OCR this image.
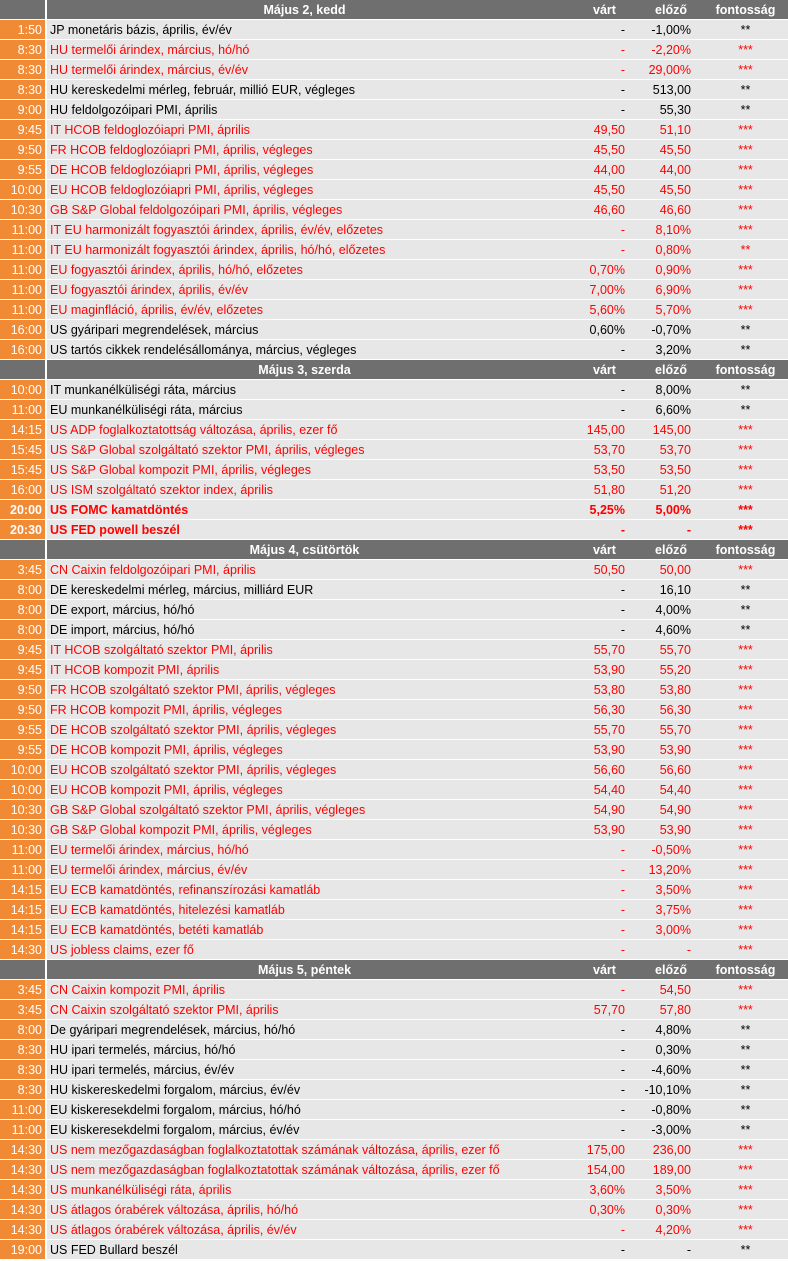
Május 2, kedd	várt	előző	fontosság
1:50 JP monetáris bázis, április, év/év	-	-1,00%	**
8:30 HU termelői árindex, március, hó/hó	-	-2,20%	***
8:30 HU termelői árindex, március, év/év	-	29,00%	***
8:30 HU kereskedelmi mérleg, február, millió EUR, végleges	-	513,00	**
9:00 HU feldolgozóipari PMI, április	-	55,30	**
9:45 IT HCOB feldoglozóiapri PMI, április	49,50	51,10	***
9:50 FR HCOB feldoglozóiapri PMI, április, végleges	45,50	45,50	***
9:55 DE HCOB feldoglozóiapri PMI, április, végleges	44,00	44,00	***
10:00 EU HCOB feldoglozóiapri PMI, április, végleges	45,50	45,50	***
10:30 GB S&P Global feldolgozóipari PMI, április, végleges	46,60	46,60	***
11:00 IT EU harmonizált fogyasztói árindex, április, év/év, előzetes	-	8,10%	***
11:00 IT EU harmonizált fogyasztói árindex, április, hó/hó, előzetes	-	0,80%	**
11:00 EU fogyasztói árindex, április, hó/hó, előzetes	0,70%	0,90%	***
11:00 EU fogyasztói árindex, április, év/év	7,00%	6,90%	***
11:00 EU maginfláció, április, év/év, előzetes	5,60%	5,70%	***
16:00 US gyáripari megrendelések, március	0,60%	-0,70%	**
16:00 US tartós cikkek rendelésállománya, március, végleges	-	3,20%	**
Május 3, szerda	várt	előző	fontosság
10:00 IT munkanélküliségi ráta, március	-	8,00%	**
11:00 EU munkanélküliségi ráta, március	-	6,60%	**
14:15 US ADP foglalkoztatottság változása, április, ezer fő	145,00	145,00	***
15:45 US S&P Global szolgáltató szektor PMI, április, végleges	53,70	53,70	***
15:45 US S&P Global kompozit PMI, április, végleges	53,50	53,50	***
16:00 US ISM szolgáltató szektor index, április	51,80	51,20	***
20:00 US FOMC kamatdöntés	5,25%	5,00%	***
20:30 US FED powell beszél	-	-	***
Május 4, csütörtök	várt	előző	fontosság
3:45 CN Caixin feldolgozóipari PMI, április	50,50	50,00	***
8:00 DE kereskedelmi mérleg, március, milliárd EUR	-	16,10	**
8:00 DE export, március, hó/hó	-	4,00%	**
8:00 DE import, március, hó/hó	-	4,60%	**
9:45 IT HCOB szolgáltató szektor PMI, április	55,70	55,70	***
9:45 IT HCOB kompozit PMI, április	53,90	55,20	***
9:50 FR HCOB szolgáltató szektor PMI, április, végleges	53,80	53,80	***
9:50 FR HCOB kompozit PMI, április, végleges	56,30	56,30	***
9:55 DE HCOB szolgáltató szektor PMI, április, végleges	55,70	55,70	***
9:55 DE HCOB kompozit PMI, április, végleges	53,90	53,90	***
10:00 EU HCOB szolgáltató szektor PMI, április, végleges	56,60	56,60	***
10:00 EU HCOB kompozit PMI, április, végleges	54,40	54,40	***
10:30 GB S&P Global szolgáltató szektor PMI, április, végleges	54,90	54,90	***
10:30 GB S&P Global kompozit PMI, április, végleges	53,90	53,90	***
11:00 EU termelői árindex, március, hó/hó	-	-0,50%	***
11:00 EU termelői árindex, március, év/év	-	13,20%	***
14:15 EU ECB kamatdöntés, refinanszírozási kamatláb	-	3,50%	***
14:15 EU ECB kamatdöntés, hitelezési kamatláb	-	3,75%	***
14:15 EU ECB kamatdöntés, betéti kamatláb	-	3,00%	***
14:30 US jobless claims, ezer fő	-	-	***
Május 5, péntek	várt	előző	fontosság
3:45 CN Caixin kompozit PMI, április	-	54,50	***
3:45 CN Caixin szolgáltató szektor PMI, április	57,70	57,80	***
8:00 De gyáripari megrendelések, március, hó/hó	-	4,80%	**
8:30 HU ipari termelés, március, hó/hó	-	0,30%	**
8:30 HU ipari termelés, március, év/év	-	-4,60%	**
8:30 HU kiskereskedelmi forgalom, március, év/év	-	-10,10%	**
11:00 EU kiskeresekdelmi forgalom, március, hó/hó	-	-0,80%	**
11:00 EU kiskeresekdelmi forgalom, március, év/év	-	-3,00%	**
14:30 US nem mezőgazdaságban foglalkoztatottak számának változása, április, ezer fő	175,00	236,00	***
14:30 US nem mezőgazdaságban foglalkoztatottak számának változása, április, ezer fő	154,00	189,00	***
14:30 US munkanélküliségi ráta, április	3,60%	3,50%	***
14:30 US átlagos órabérek változása, április, hó/hó	0,30%	0,30%	***
14:30 US átlagos órabérek változása, április, év/év	-	4,20%	***
19:00 US FED Bullard beszél	-	-	**
